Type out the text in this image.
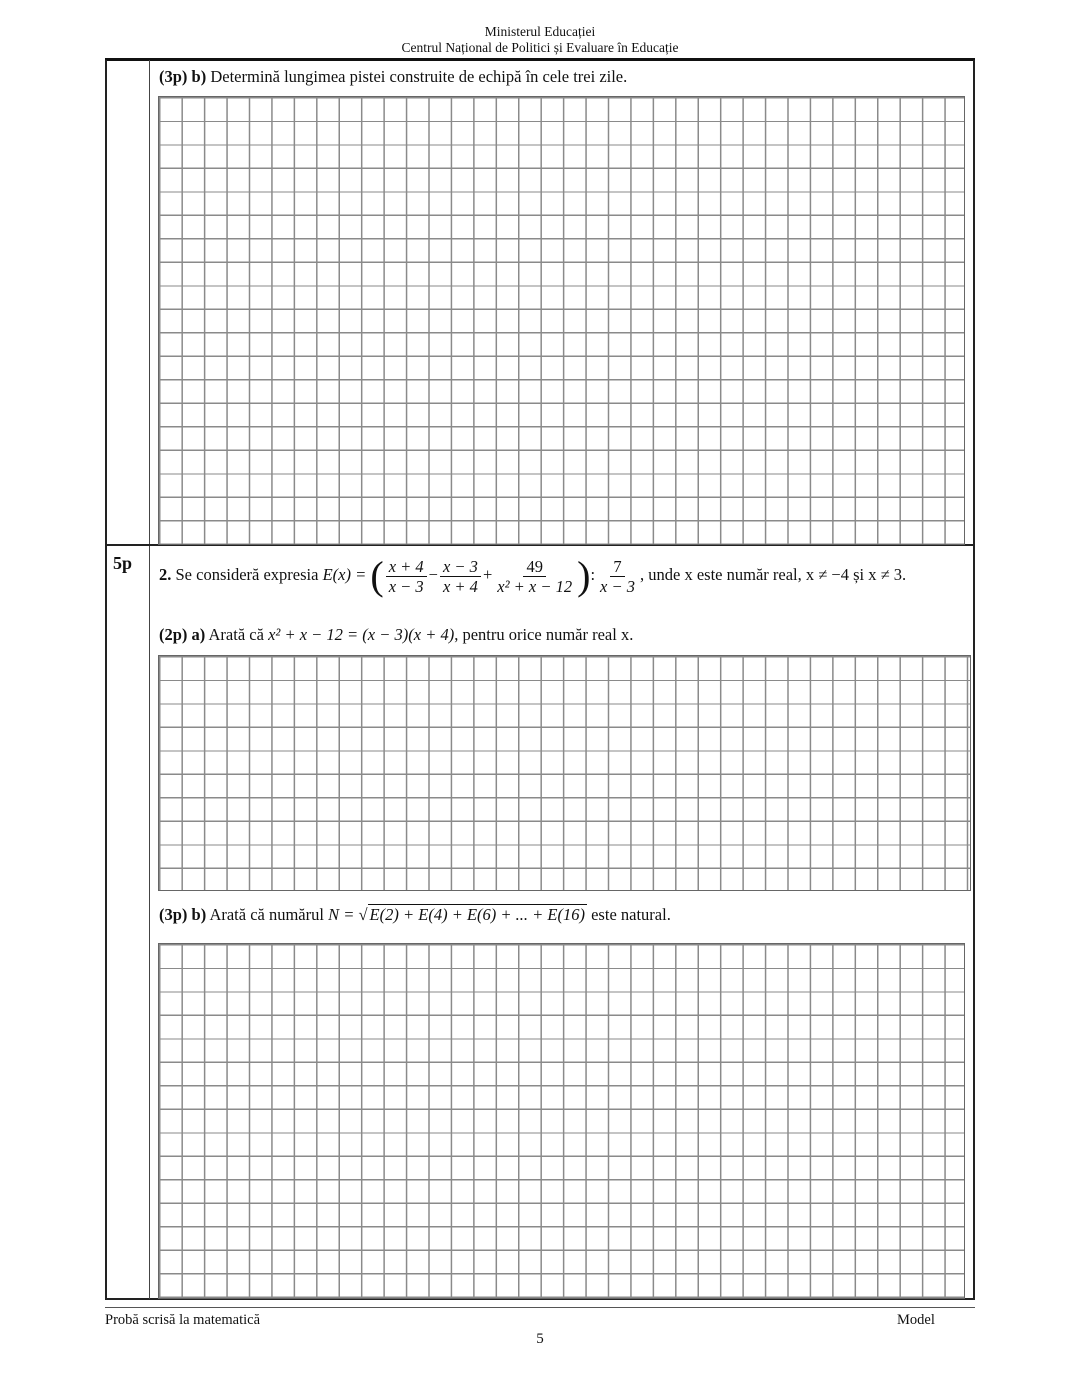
Ministerul Educației
Centrul Național de Politici și Evaluare în Educație
(3p) b) Determină lungimea pistei construite de echipă în cele trei zile.
5p
2. Se consideră expresia E(x) = ( $\frac{x + 4}{x - 3} - \frac{x - 3}{x + 4} + \frac{49}{\text{x² + x − 12}}$ ): $\frac{7}{x - 3}$ , unde x este număr real, x ≠ −4 și x ≠ 3.
(2p) a) Arată că x² + x − 12 = (x − 3)(x + 4), pentru orice număr real x.
(3p) b) Arată că numărul N = √ E(2) + E(4) + E(6) + ... + E(16) este natural.
Probă scrisă la matematică	Model
5
